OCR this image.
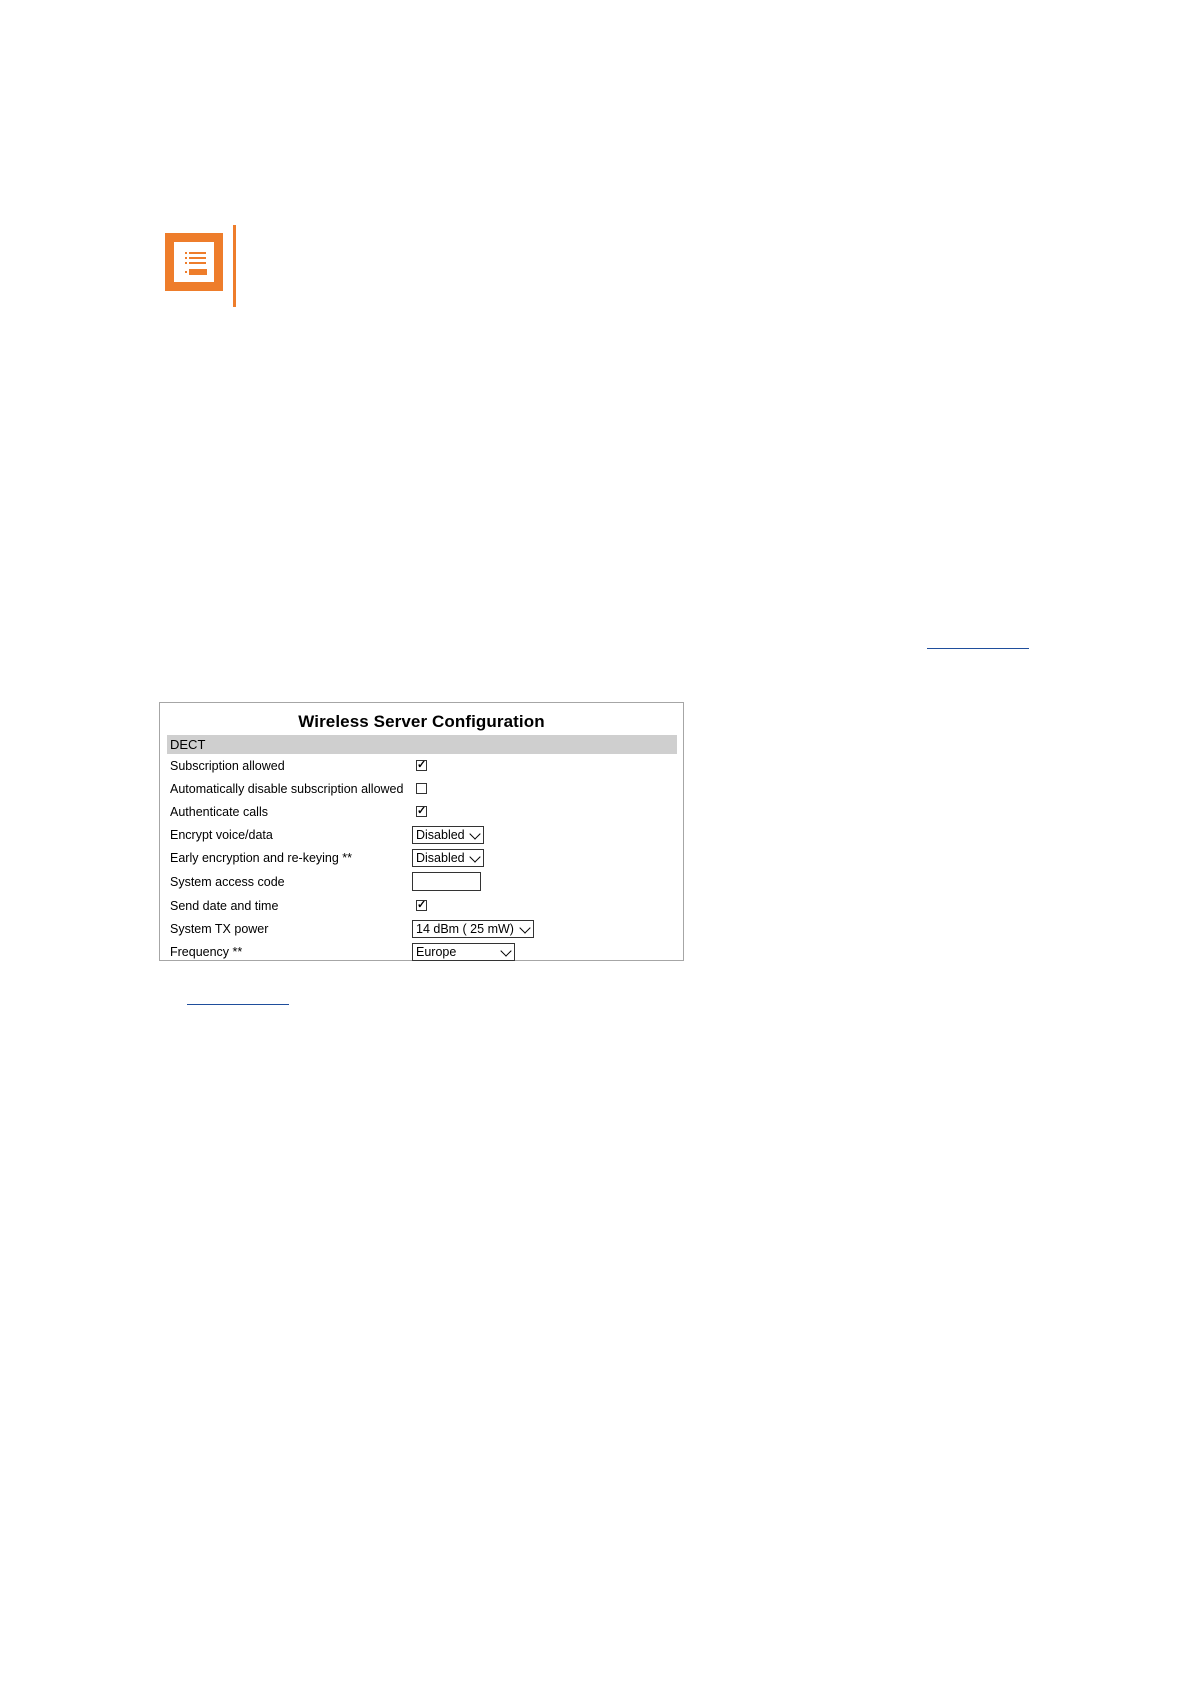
Wireless Server Configuration
DECT
Subscription allowed	✓
Automatically disable subscription allowed
Authenticate calls	✓
Encrypt voice/data	Disabled
Early encryption and re-keying **	Disabled
System access code
Send date and time	✓
System TX power	14 dBm ( 25 mW)
Frequency **	Europe
